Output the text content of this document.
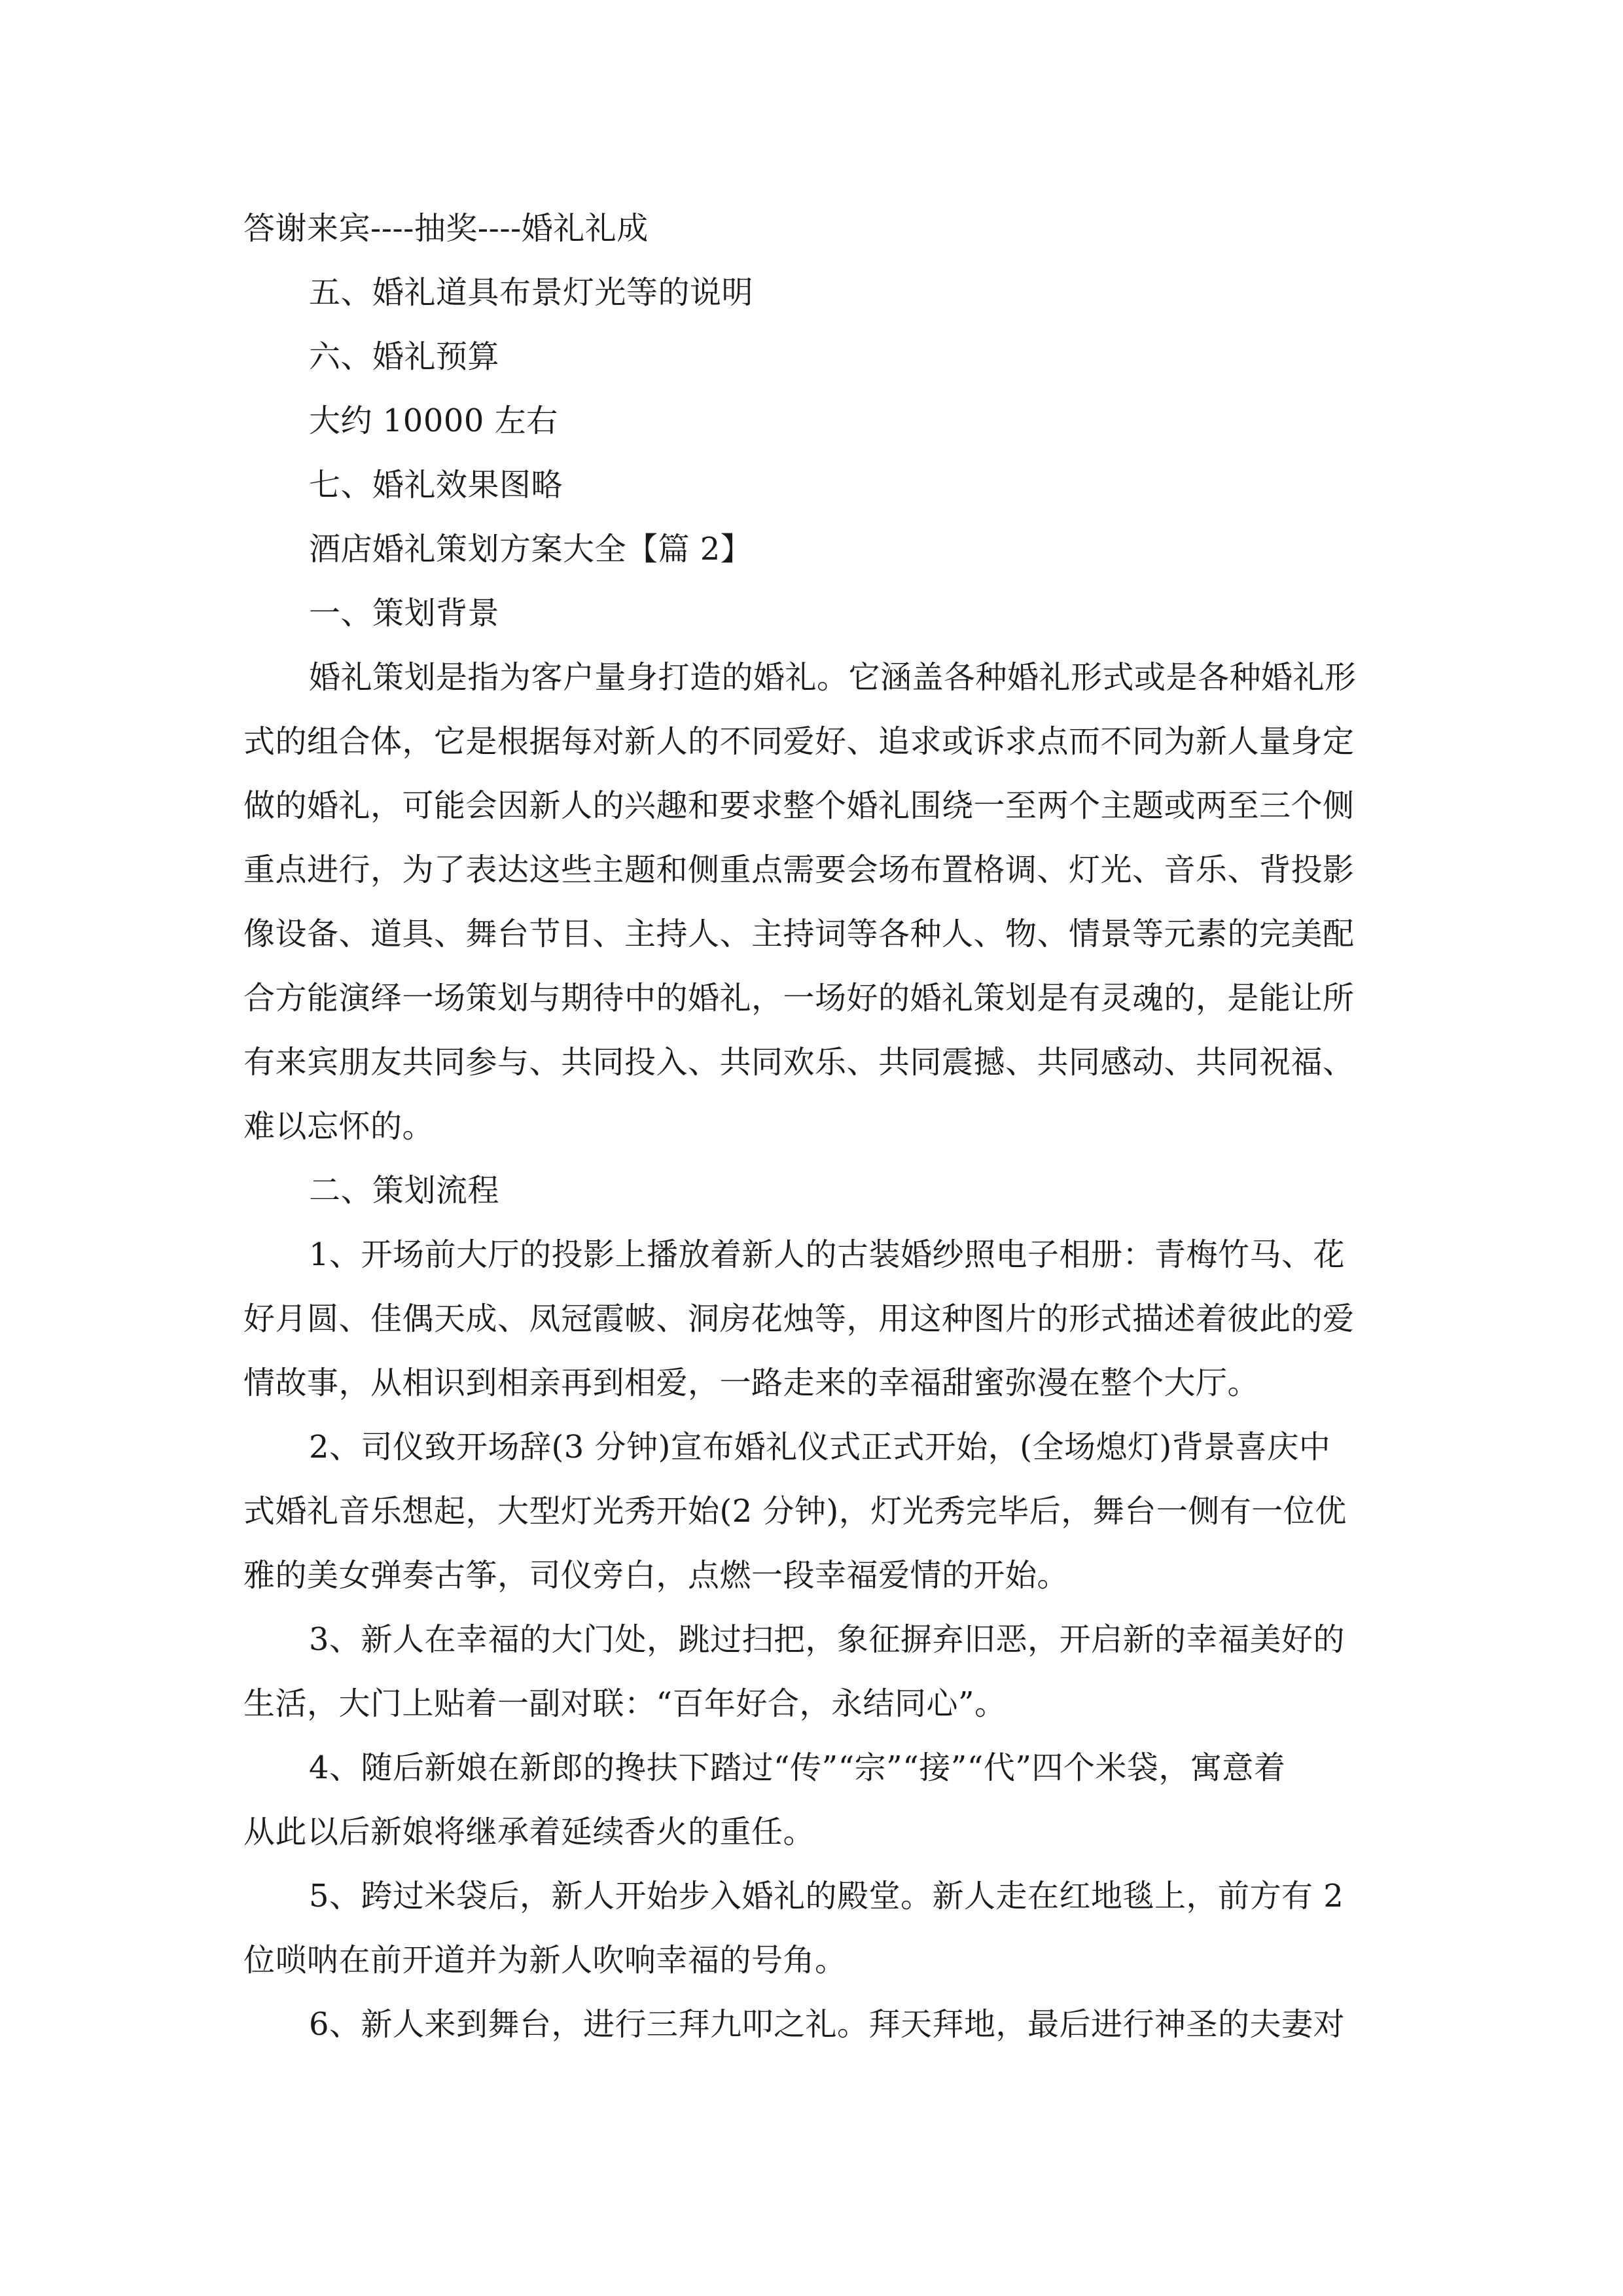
答谢来宾----抽奖----婚礼礼成

五、婚礼道具布景灯光等的说明

六、婚礼预算

大约 10000 左右

七、婚礼效果图略

酒店婚礼策划方案大全【篇 2】

一、策划背景

婚礼策划是指为客户量身打造的婚礼。它涵盖各种婚礼形式或是各种婚礼形
式的组合体，它是根据每对新人的不同爱好、追求或诉求点而不同为新人量身定
做的婚礼，可能会因新人的兴趣和要求整个婚礼围绕一至两个主题或两至三个侧
重点进行，为了表达这些主题和侧重点需要会场布置格调、灯光、音乐、背投影
像设备、道具、舞台节目、主持人、主持词等各种人、物、情景等元素的完美配
合方能演绎一场策划与期待中的婚礼，一场好的婚礼策划是有灵魂的，是能让所
有来宾朋友共同参与、共同投入、共同欢乐、共同震撼、共同感动、共同祝福、
难以忘怀的。

二、策划流程

1、开场前大厅的投影上播放着新人的古装婚纱照电子相册：青梅竹马、花
好月圆、佳偶天成、凤冠霞帔、洞房花烛等，用这种图片的形式描述着彼此的爱
情故事，从相识到相亲再到相爱，一路走来的幸福甜蜜弥漫在整个大厅。
2、司仪致开场辞(3 分钟)宣布婚礼仪式正式开始，(全场熄灯)背景喜庆中
式婚礼音乐想起，大型灯光秀开始(2 分钟)，灯光秀完毕后，舞台一侧有一位优
雅的美女弹奏古筝，司仪旁白，点燃一段幸福爱情的开始。
3、新人在幸福的大门处，跳过扫把，象征摒弃旧恶，开启新的幸福美好的
生活，大门上贴着一副对联：“百年好合，永结同心”。
4、随后新娘在新郎的搀扶下踏过“传”“宗”“接”“代”四个米袋，寓意着
从此以后新娘将继承着延续香火的重任。
5、跨过米袋后，新人开始步入婚礼的殿堂。新人走在红地毯上，前方有 2
位唢呐在前开道并为新人吹响幸福的号角。
6、新人来到舞台，进行三拜九叩之礼。拜天拜地，最后进行神圣的夫妻对
